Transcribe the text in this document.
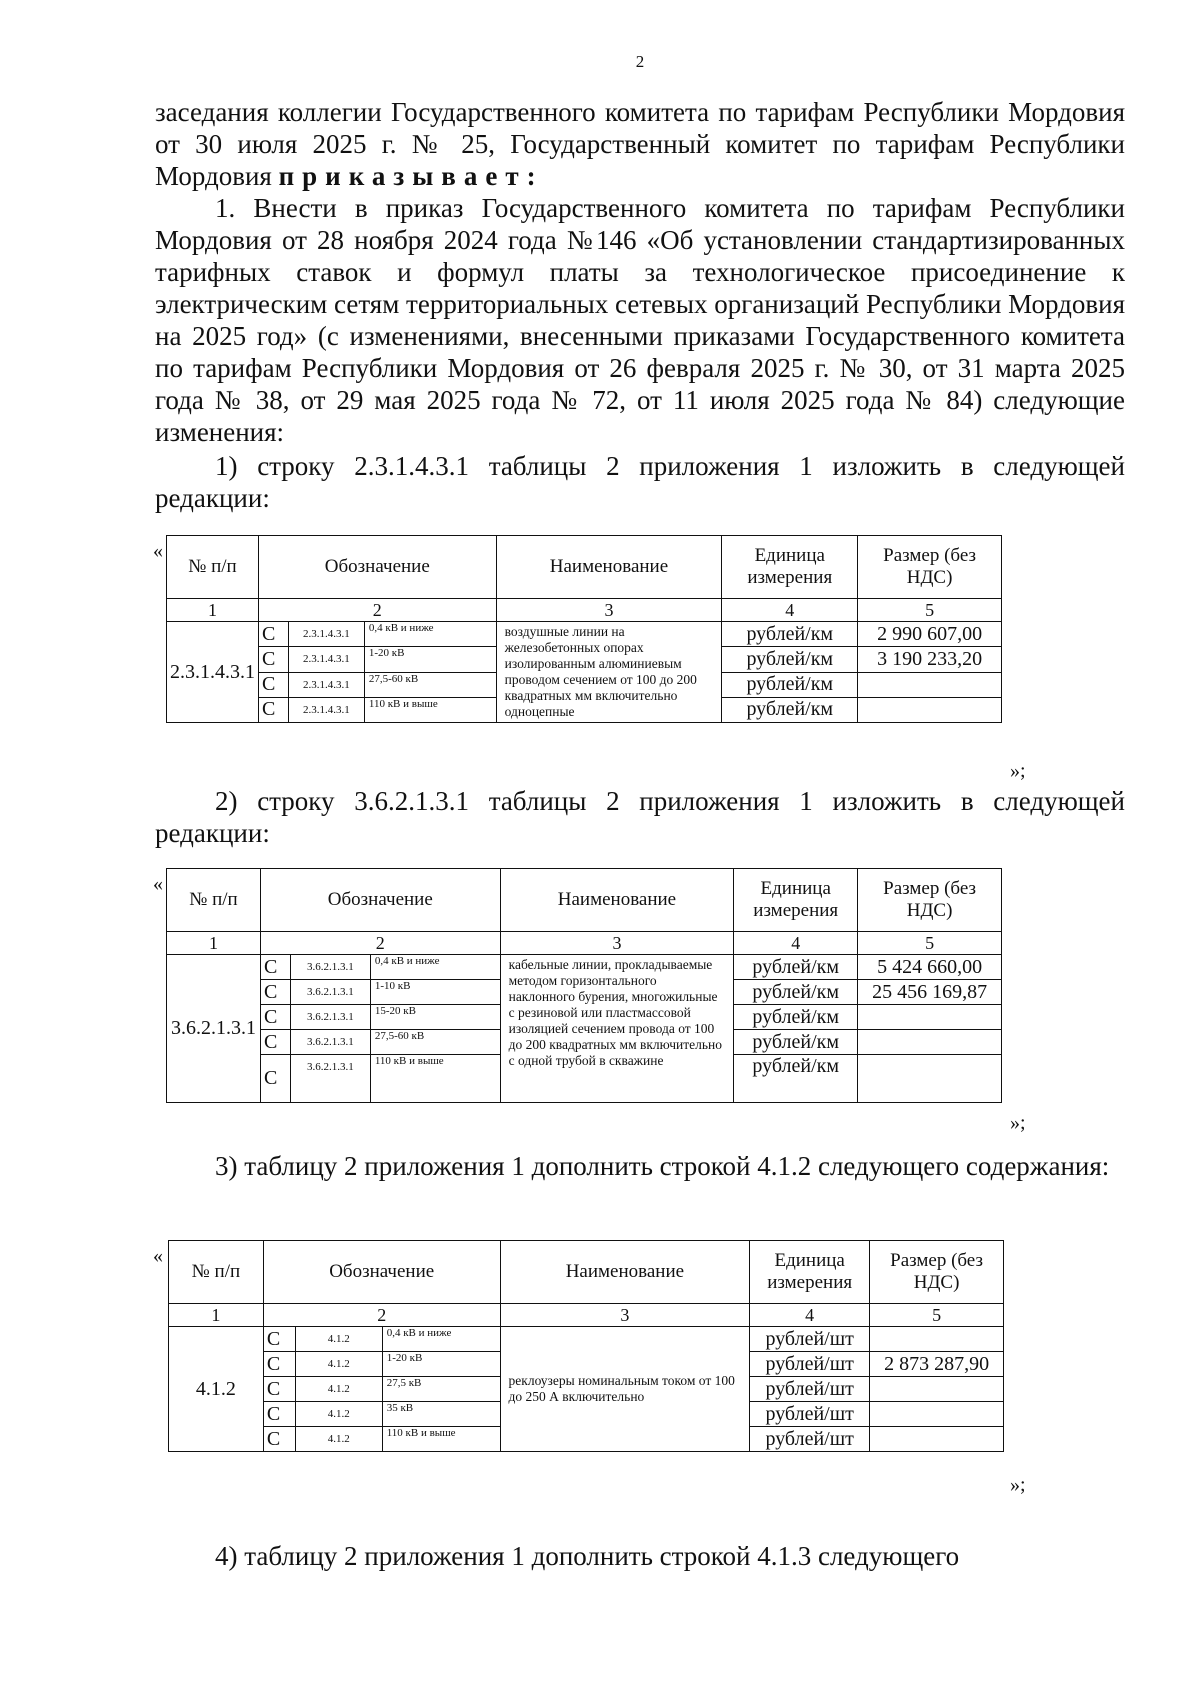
2
заседания коллегии Государственного комитета по тарифам Республики Мордовия от 30 июля 2025 г. № 25, Государственный комитет по тарифам Республики Мордовия приказывает:
1. Внести в приказ Государственного комитета по тарифам Республики Мордовия от 28 ноября 2024 года №146 «Об установлении стандартизированных тарифных ставок и формул платы за технологическое присоединение к электрическим сетям территориальных сетевых организаций Республики Мордовия на 2025 год» (с изменениями, внесенными приказами Государственного комитета по тарифам Республики Мордовия от 26 февраля 2025 г. № 30, от 31 марта 2025 года № 38, от 29 мая 2025 года № 72, от 11 июля 2025 года № 84) следующие изменения:
1) строку 2.3.1.4.3.1 таблицы 2 приложения 1 изложить в следующей редакции:
«
№ п/п	Обозначение			Наименование	Единица измерения	Размер (без НДС)
1	2			3	4	5
2.3.1.4.3.1	C	2.3.1.4.3.1	0,4 кВ и ниже	воздушные линии на железобетонных опорах изолированным алюминиевым проводом сечением от 100 до 200 квадратных мм включительно одноцепные	рублей/км	2 990 607,00
	C	2.3.1.4.3.1	1-20 кВ		рублей/км	3 190 233,20
	C	2.3.1.4.3.1	27,5-60 кВ		рублей/км	
	C	2.3.1.4.3.1	110 кВ и выше		рублей/км	
»;
2) строку 3.6.2.1.3.1 таблицы 2 приложения 1 изложить в следующей редакции:
«
№ п/п	Обозначение			Наименование	Единица измерения	Размер (без НДС)
1	2			3	4	5
3.6.2.1.3.1	C	3.6.2.1.3.1	0,4 кВ и ниже	кабельные линии, прокладываемые методом горизонтального наклонного бурения, многожильные с резиновой или пластмассовой изоляцией сечением провода от 100 до 200 квадратных мм включительно с одной трубой в скважине	рублей/км	5 424 660,00
	C	3.6.2.1.3.1	1-10 кВ		рублей/км	25 456 169,87
	C	3.6.2.1.3.1	15-20 кВ		рублей/км	
	C	3.6.2.1.3.1	27,5-60 кВ		рублей/км	
	C	3.6.2.1.3.1	110 кВ и выше		рублей/км	
»;
3) таблицу 2 приложения 1 дополнить строкой 4.1.2 следующего содержания:
«
№ п/п	Обозначение			Наименование	Единица измерения	Размер (без НДС)
1	2			3	4	5
4.1.2	C	4.1.2	0,4 кВ и ниже	реклоузеры номинальным током от 100 до 250 А включительно	рублей/шт	
	C	4.1.2	1-20 кВ		рублей/шт	2 873 287,90
	C	4.1.2	27,5 кВ		рублей/шт	
	C	4.1.2	35 кВ		рублей/шт	
	C	4.1.2	110 кВ и выше		рублей/шт	
»;
4) таблицу 2 приложения 1 дополнить строкой 4.1.3 следующего
